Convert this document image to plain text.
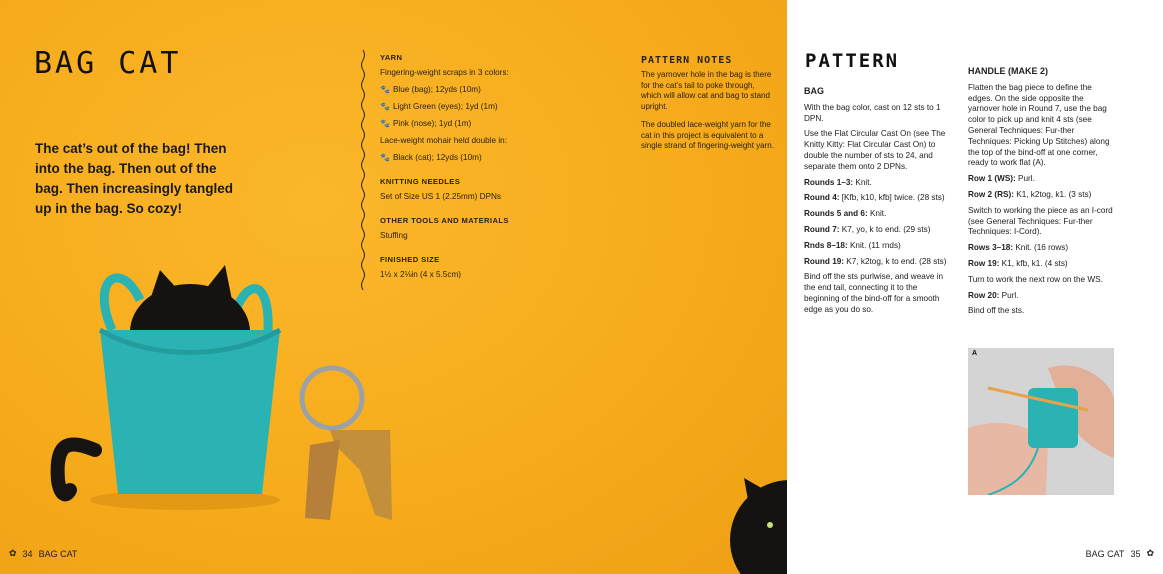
BAG CAT
The cat’s out of the bag! Then into the bag. Then out of the bag. Then increasingly tangled up in the bag. So cozy!
YARN
Fingering-weight scraps in 3 colors:
🐾 Blue (bag); 12yds (10m)
🐾 Light Green (eyes); 1yd (1m)
🐾 Pink (nose); 1yd (1m)
Lace-weight mohair held double in:
🐾 Black (cat); 12yds (10m)
KNITTING NEEDLES
Set of Size US 1 (2.25mm) DPNs
OTHER TOOLS AND MATERIALS
Stuffing
FINISHED SIZE
1½ x 2⅛in (4 x 5.5cm)
PATTERN NOTES

The yarnover hole in the bag is there for the cat’s tail to poke through, which will allow cat and bag to stand upright.

The doubled lace-weight yarn for the cat in this project is equivalent to a single strand of fingering-weight yarn.

✿ 34 BAG CAT
PATTERN

BAG

With the bag color, cast on 12 sts to 1 DPN.

Use the Flat Circular Cast On (see The Knitty Kitty: Flat Circular Cast On) to double the number of sts to 24, and separate them onto 2 DPNs.

Rounds 1–3: Knit.

Round 4: [Kfb, k10, kfb] twice. (28 sts)

Rounds 5 and 6: Knit.

Round 7: K7, yo, k to end. (29 sts)

Rnds 8–18: Knit. (11 rnds)

Round 19: K7, k2tog, k to end. (28 sts)

Bind off the sts purlwise, and weave in the end tail, connecting it to the beginning of the bind-off for a smooth edge as you do so.

HANDLE (MAKE 2)

Flatten the bag piece to define the edges. On the side opposite the yarnover hole in Round 7, use the bag color to pick up and knit 4 sts (see General Techniques: Fur-ther Techniques: Picking Up Stitches) along the top of the bind-off at one corner, ready to work flat (A).

Row 1 (WS): Purl.

Row 2 (RS): K1, k2tog, k1. (3 sts)

Switch to working the piece as an I-cord (see General Techniques: Fur-ther Techniques: I-Cord).

Rows 3–18: Knit. (16 rows)

Row 19: K1, kfb, k1. (4 sts)

Turn to work the next row on the WS.

Row 20: Purl.

Bind off the sts.

A
BAG CAT 35 ✿
